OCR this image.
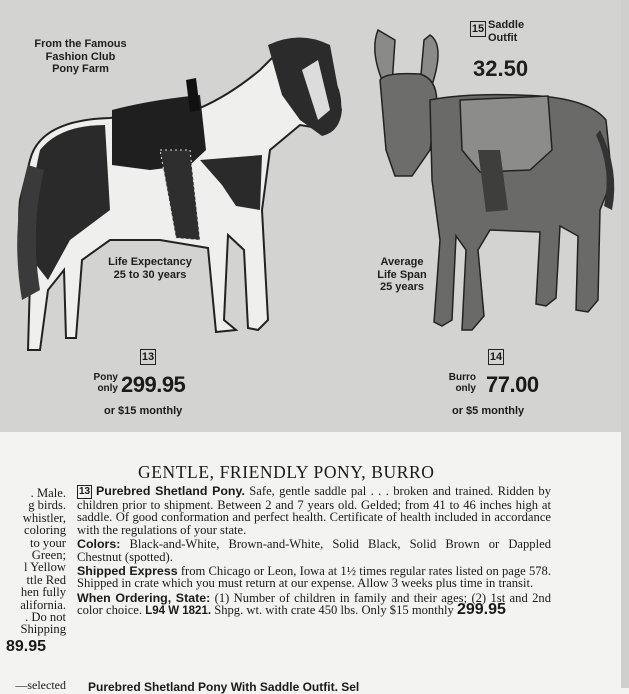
From the Famous
Fashion Club
Pony Farm
15 Saddle
Outfit
32.50
Life Expectancy
25 to 30 years
Average
Life Span
25 years
13
Pony
only 299.95
or $15 monthly
14
Burro
only 77.00
or $5 monthly
. Male.
g birds.
whistler,
coloring
to your
Green;
l Yellow
ttle Red
hen fully
alifornia.
. Do not
Shipping
89.95
—selected
GENTLE, FRIENDLY PONY, BURRO

13 Purebred Shetland Pony. Safe, gentle saddle pal . . . broken and trained. Ridden by children prior to shipment. Between 2 and 7 years old. Gelded; from 41 to 46 inches high at saddle. Of good conformation and perfect health. Certificate of health included in accordance with the regulations of your state.

Colors: Black-and-White, Brown-and-White, Solid Black, Solid Brown or Dappled Chestnut (spotted).

Shipped Express from Chicago or Leon, Iowa at 1½ times regular rates listed on page 578. Shipped in crate which you must return at our expense. Allow 3 weeks plus time in transit.

When Ordering, State: (1) Number of children in family and their ages; (2) 1st and 2nd color choice. L94 W 1821. Shpg. wt. with crate 450 lbs. Only $15 monthly 299.95

Purebred Shetland Pony With Saddle Outfit. Sel
